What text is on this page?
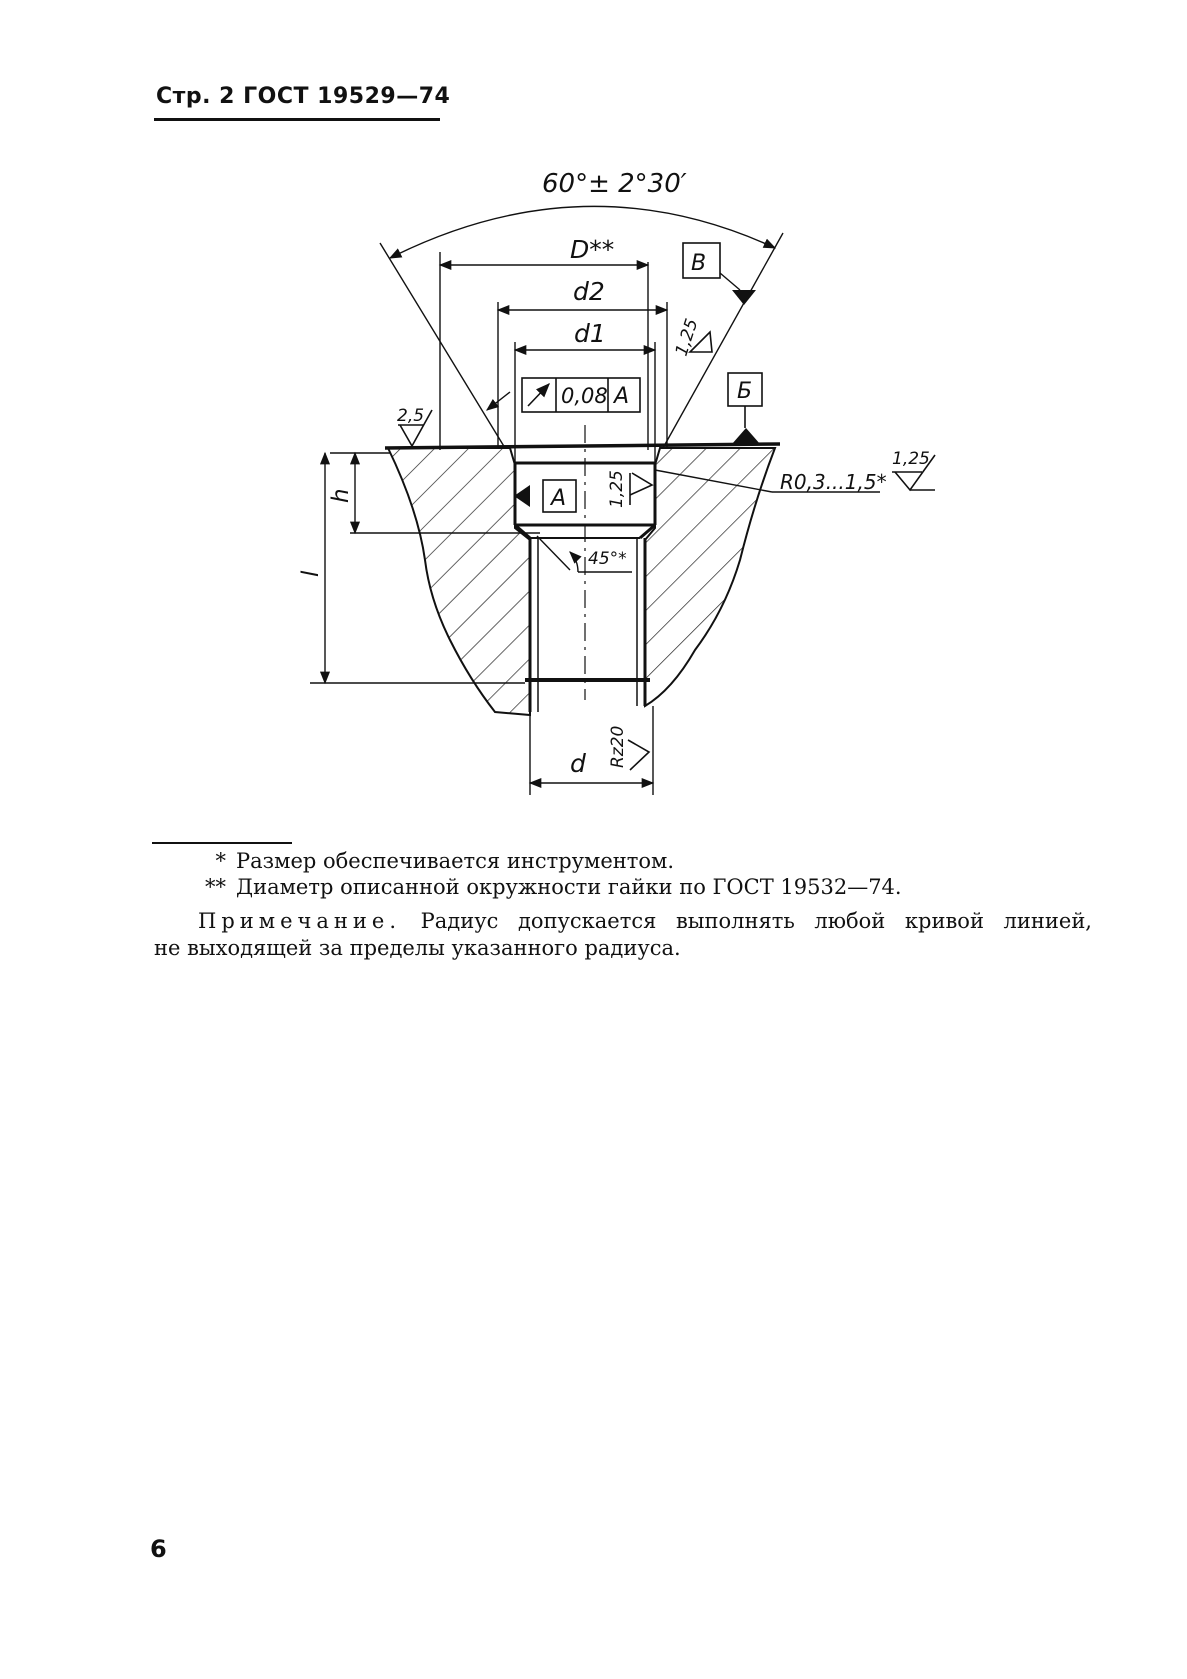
Стр. 2 ГОСТ 19529—74
60°± 2°30′
D**
d2
d1
0,08 A
A
Б
В
2,5
1,25
R0,3...1,5*
45°*
d
1,25
1,25
Rz20
h
l
* Размер обеспечивается инструментом.
** Диаметр описанной окружности гайки по ГОСТ 19532—74.
Примечание. Радиус допускается выполнять любой кривой линией,
не выходящей за пределы указанного радиуса.
6
